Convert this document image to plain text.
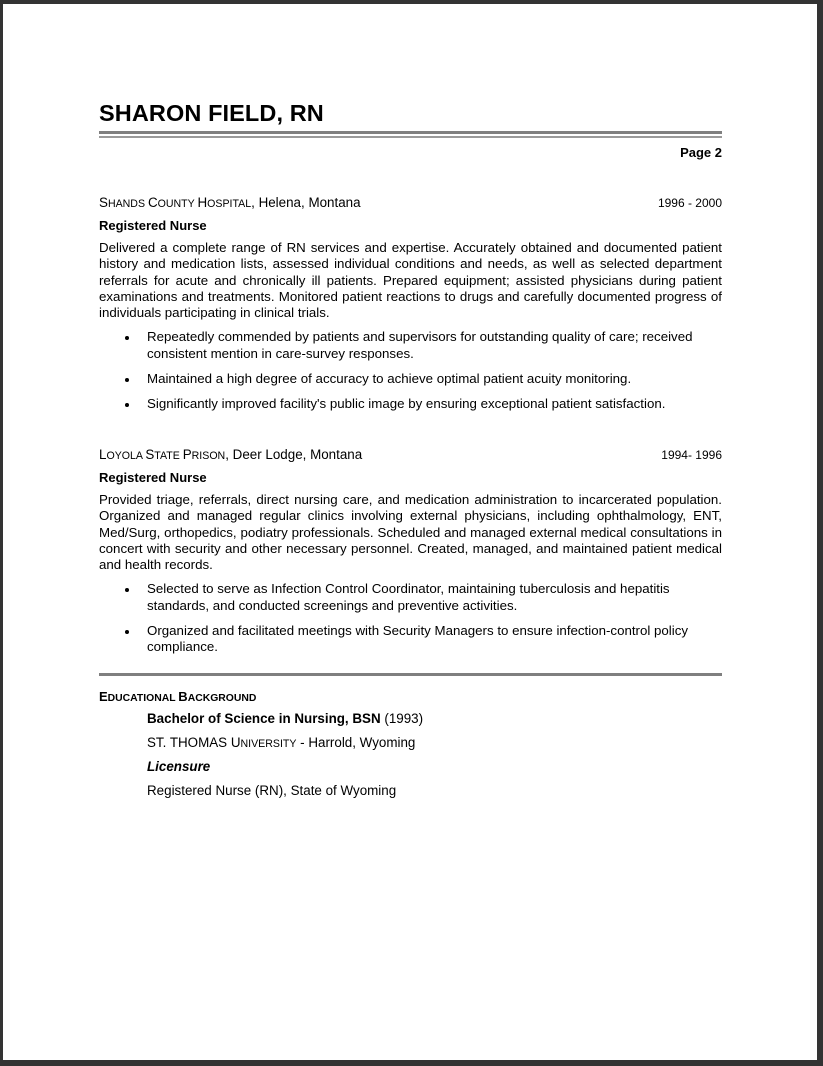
SHARON FIELD, RN
Page 2
SHANDS COUNTY HOSPITAL, Helena, Montana	1996 - 2000
Registered Nurse

Delivered a complete range of RN services and expertise. Accurately obtained and documented patient history and medication lists, assessed individual conditions and needs, as well as selected department referrals for acute and chronically ill patients. Prepared equipment; assisted physicians during patient examinations and treatments. Monitored patient reactions to drugs and carefully documented progress of individuals participating in clinical trials.

Repeatedly commended by patients and supervisors for outstanding quality of care; received consistent mention in care-survey responses.
Maintained a high degree of accuracy to achieve optimal patient acuity monitoring.
Significantly improved facility's public image by ensuring exceptional patient satisfaction.
LOYOLA STATE PRISON, Deer Lodge, Montana	1994- 1996
Registered Nurse

Provided triage, referrals, direct nursing care, and medication administration to incarcerated population. Organized and managed regular clinics involving external physicians, including ophthalmology, ENT, Med/Surg, orthopedics, podiatry professionals. Scheduled and managed external medical consultations in concert with security and other necessary personnel. Created, managed, and maintained patient medical and health records.

Selected to serve as Infection Control Coordinator, maintaining tuberculosis and hepatitis standards, and conducted screenings and preventive activities.
Organized and facilitated meetings with Security Managers to ensure infection-control policy compliance.
EDUCATIONAL BACKGROUND
Bachelor of Science in Nursing, BSN (1993)
ST. THOMAS UNIVERSITY - Harrold, Wyoming
Licensure
Registered Nurse (RN), State of Wyoming
